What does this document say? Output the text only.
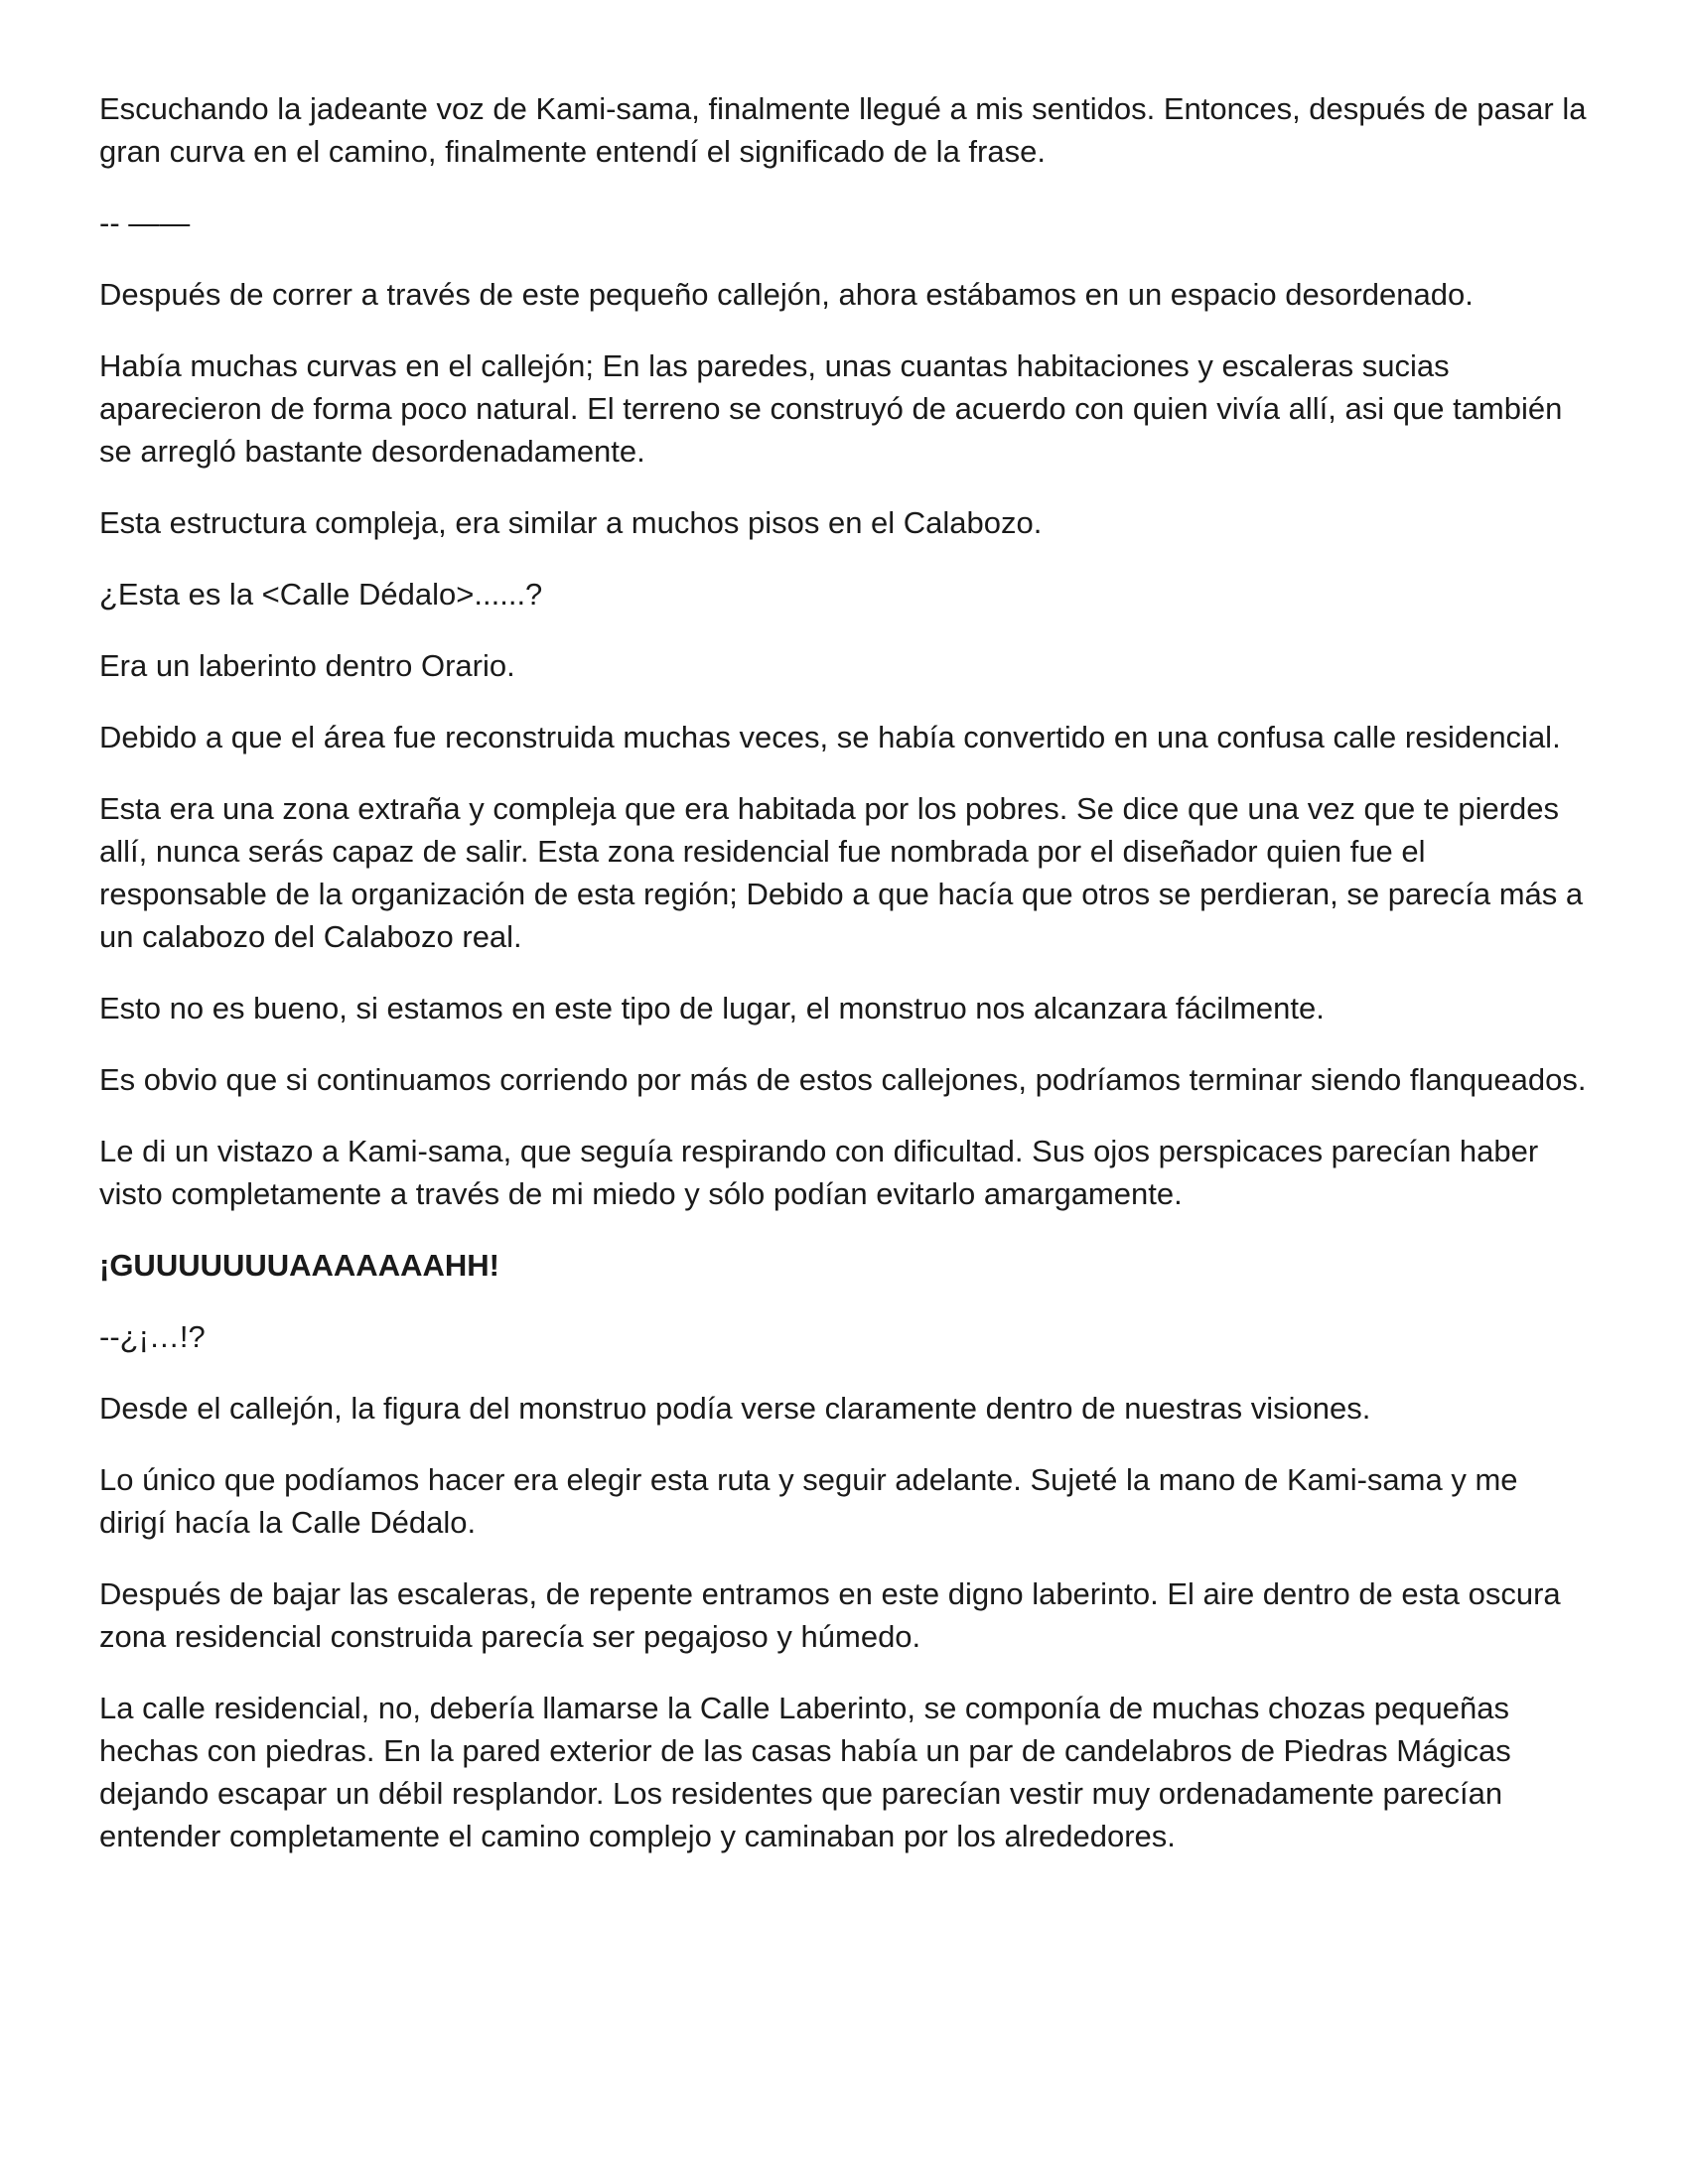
Escuchando la jadeante voz de Kami-sama, finalmente llegué a mis sentidos. Entonces, después de pasar la gran curva en el camino, finalmente entendí el significado de la frase.

-- ——

Después de correr a través de este pequeño callejón, ahora estábamos en un espacio desordenado.

Había muchas curvas en el callejón; En las paredes, unas cuantas habitaciones y escaleras sucias aparecieron de forma poco natural. El terreno se construyó de acuerdo con quien vivía allí, asi que también se arregló bastante desordenadamente.

Esta estructura compleja, era similar a muchos pisos en el Calabozo.

¿Esta es la <Calle Dédalo>......?

Era un laberinto dentro Orario.

Debido a que el área fue reconstruida muchas veces, se había convertido en una confusa calle residencial.

Esta era una zona extraña y compleja que era habitada por los pobres. Se dice que una vez que te pierdes allí, nunca serás capaz de salir. Esta zona residencial fue nombrada por el diseñador quien fue el responsable de la organización de esta región; Debido a que hacía que otros se perdieran, se parecía más a un calabozo del Calabozo real.

Esto no es bueno, si estamos en este tipo de lugar, el monstruo nos alcanzara fácilmente.

Es obvio que si continuamos corriendo por más de estos callejones, podríamos terminar siendo flanqueados.

Le di un vistazo a Kami-sama, que seguía respirando con dificultad. Sus ojos perspicaces parecían haber visto completamente a través de mi miedo y sólo podían evitarlo amargamente.

¡GUUUUUUUAAAAAAAHH!

--¿¡…!?

Desde el callejón, la figura del monstruo podía verse claramente dentro de nuestras visiones.

Lo único que podíamos hacer era elegir esta ruta y seguir adelante. Sujeté la mano de Kami-sama y me dirigí hacía la Calle Dédalo.

Después de bajar las escaleras, de repente entramos en este digno laberinto. El aire dentro de esta oscura zona residencial construida parecía ser pegajoso y húmedo.

La calle residencial, no, debería llamarse la Calle Laberinto, se componía de muchas chozas pequeñas hechas con piedras. En la pared exterior de las casas había un par de candelabros de Piedras Mágicas dejando escapar un débil resplandor. Los residentes que parecían vestir muy ordenadamente parecían entender completamente el camino complejo y caminaban por los alrededores.
